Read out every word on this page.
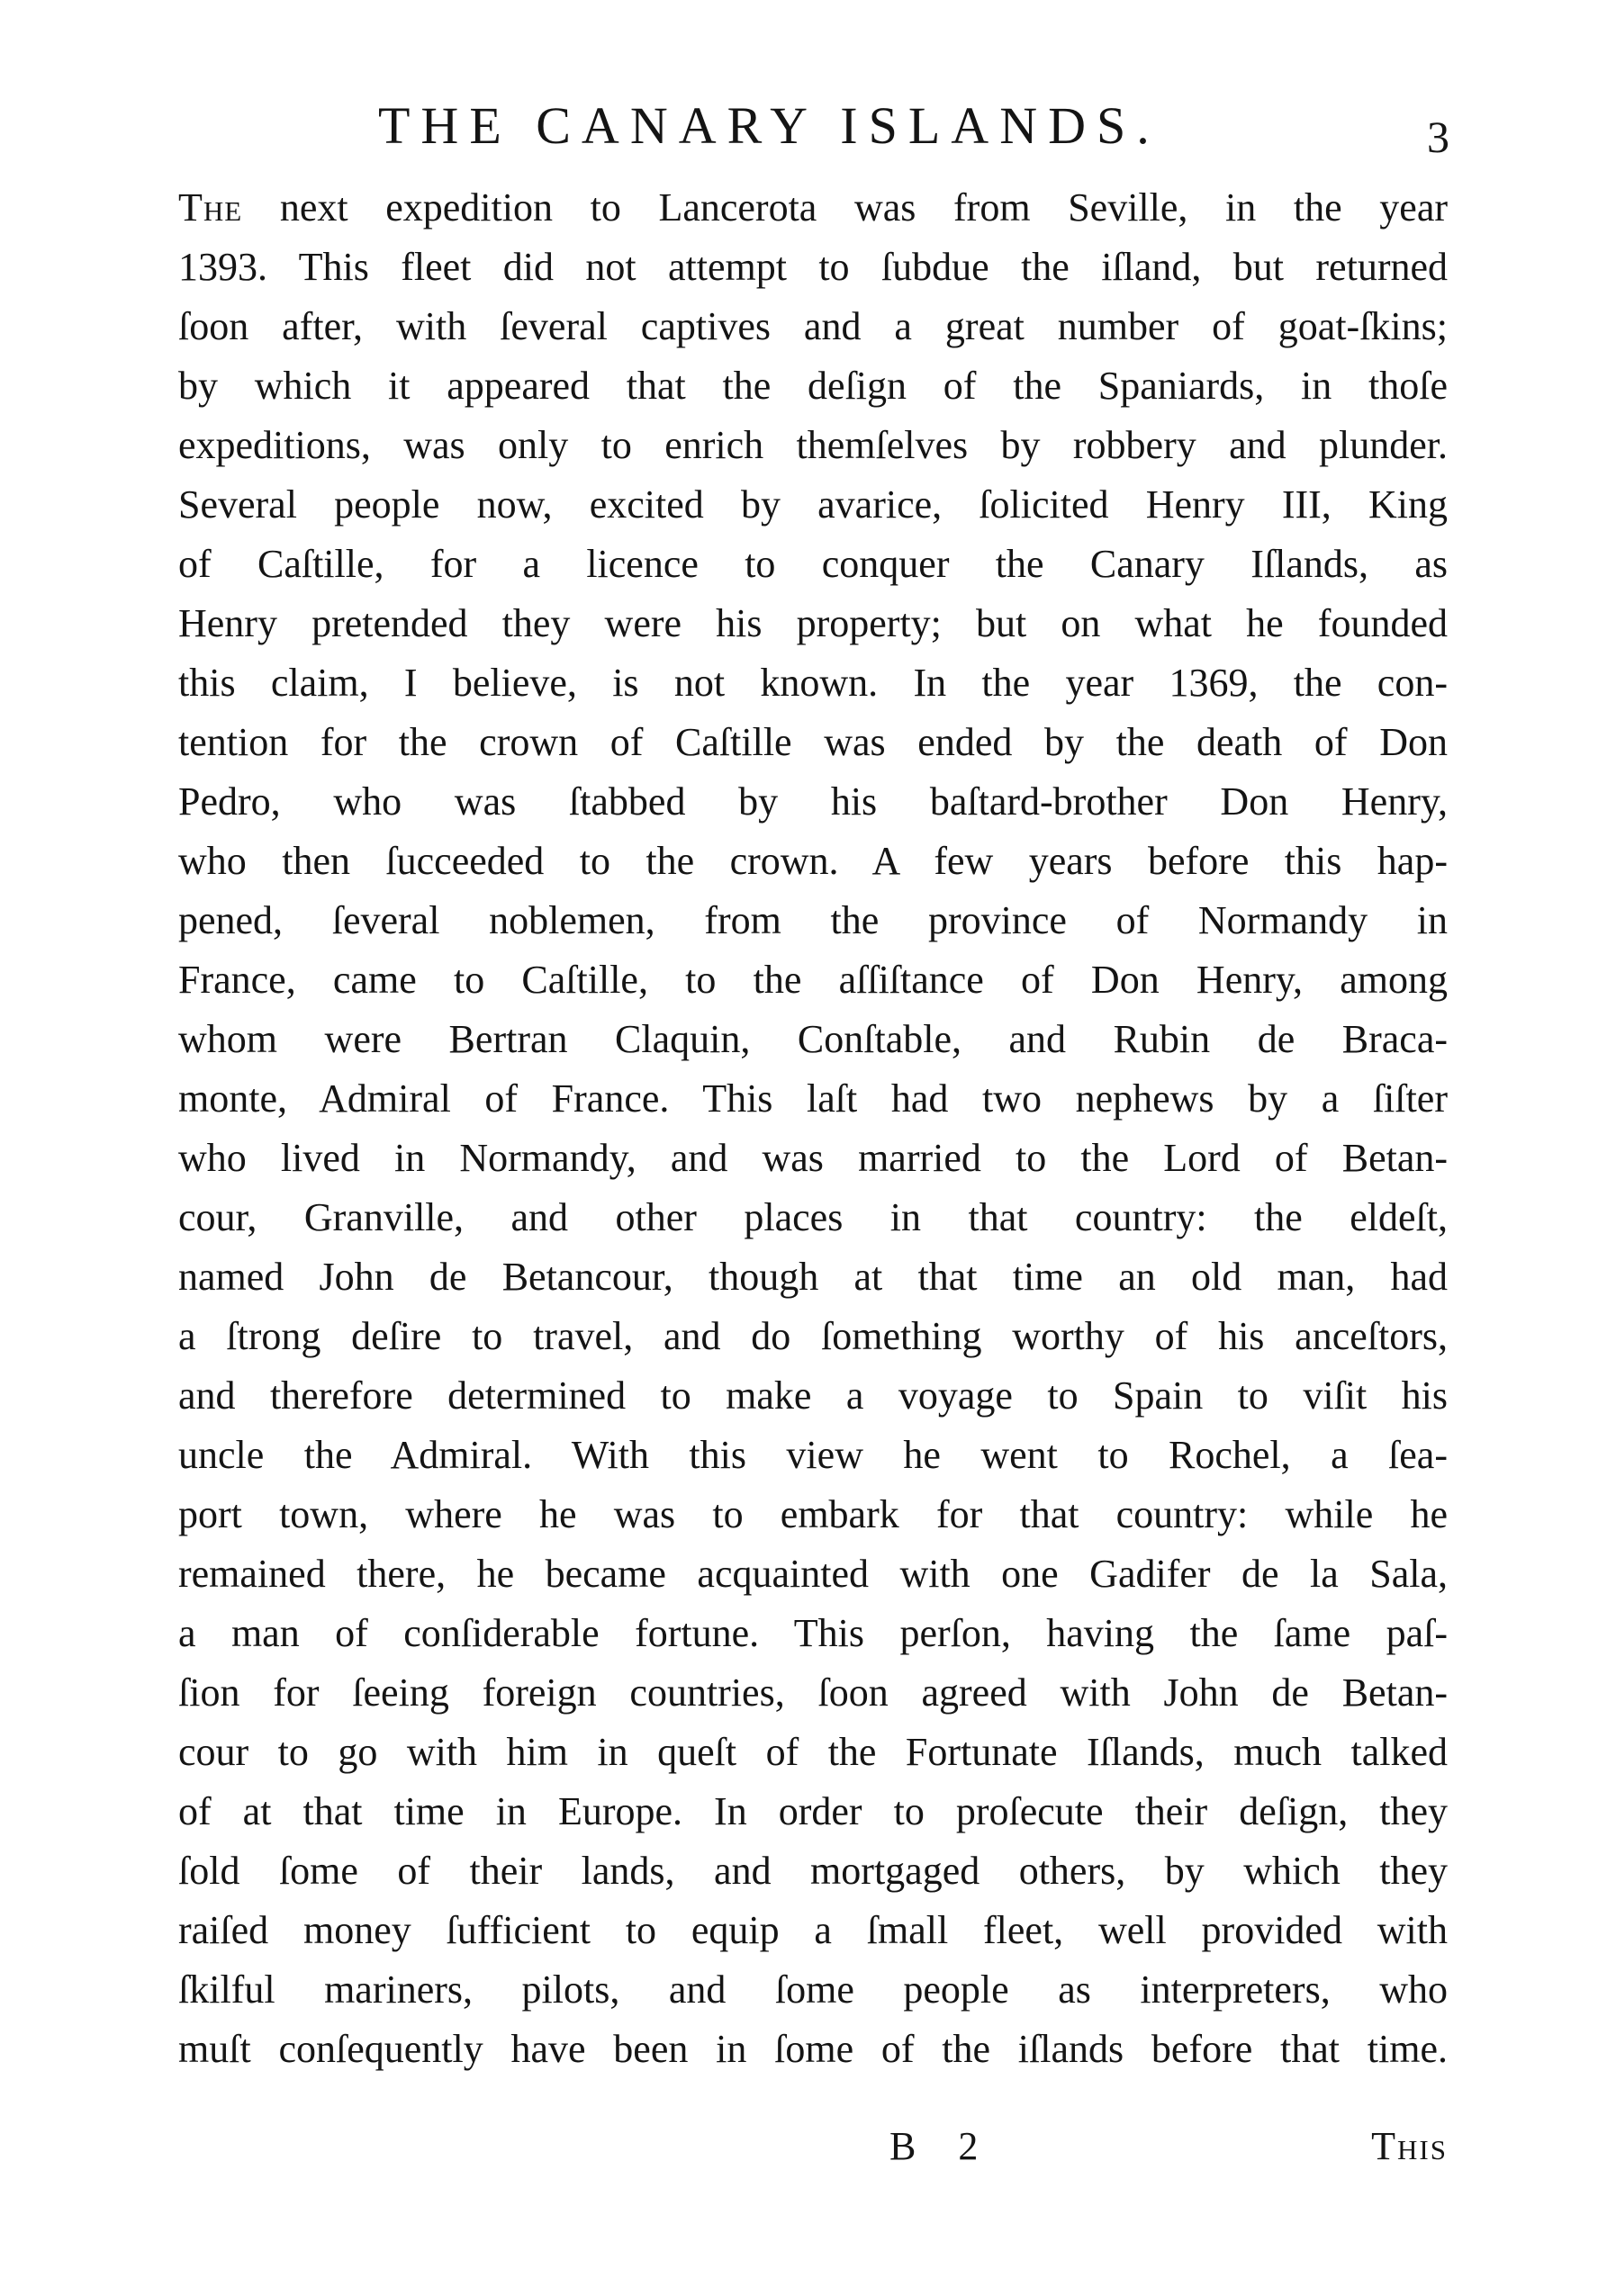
THE CANARY ISLANDS.	3
The next expedition to Lancerota was from Seville, in the year
1393. This fleet did not attempt to ſubdue the iſland, but returned
ſoon after, with ſeveral captives and a great number of goat-ſkins;
by which it appeared that the deſign of the Spaniards, in thoſe
expeditions, was only to enrich themſelves by robbery and plunder.
Several people now, excited by avarice, ſolicited Henry III, King
of Caſtille, for a licence to conquer the Canary Iſlands, as
Henry pretended they were his property; but on what he founded
this claim, I believe, is not known. In the year 1369, the con-
tention for the crown of Caſtille was ended by the death of Don
Pedro, who was ſtabbed by his baſtard-brother Don Henry,
who then ſucceeded to the crown. A few years before this hap-
pened, ſeveral noblemen, from the province of Normandy in
France, came to Caſtille, to the aſſiſtance of Don Henry, among
whom were Bertran Claquin, Conſtable, and Rubin de Braca-
monte, Admiral of France. This laſt had two nephews by a ſiſter
who lived in Normandy, and was married to the Lord of Betan-
cour, Granville, and other places in that country: the eldeſt,
named John de Betancour, though at that time an old man, had
a ſtrong deſire to travel, and do ſomething worthy of his anceſtors,
and therefore determined to make a voyage to Spain to viſit his
uncle the Admiral. With this view he went to Rochel, a ſea-
port town, where he was to embark for that country: while he
remained there, he became acquainted with one Gadifer de la Sala,
a man of conſiderable fortune. This perſon, having the ſame paſ-
ſion for ſeeing foreign countries, ſoon agreed with John de Betan-
cour to go with him in queſt of the Fortunate Iſlands, much talked
of at that time in Europe. In order to proſecute their deſign, they
ſold ſome of their lands, and mortgaged others, by which they
raiſed money ſufficient to equip a ſmall fleet, well provided with
ſkilful mariners, pilots, and ſome people as interpreters, who
muſt conſequently have been in ſome of the iſlands before that time.
B 2	This
